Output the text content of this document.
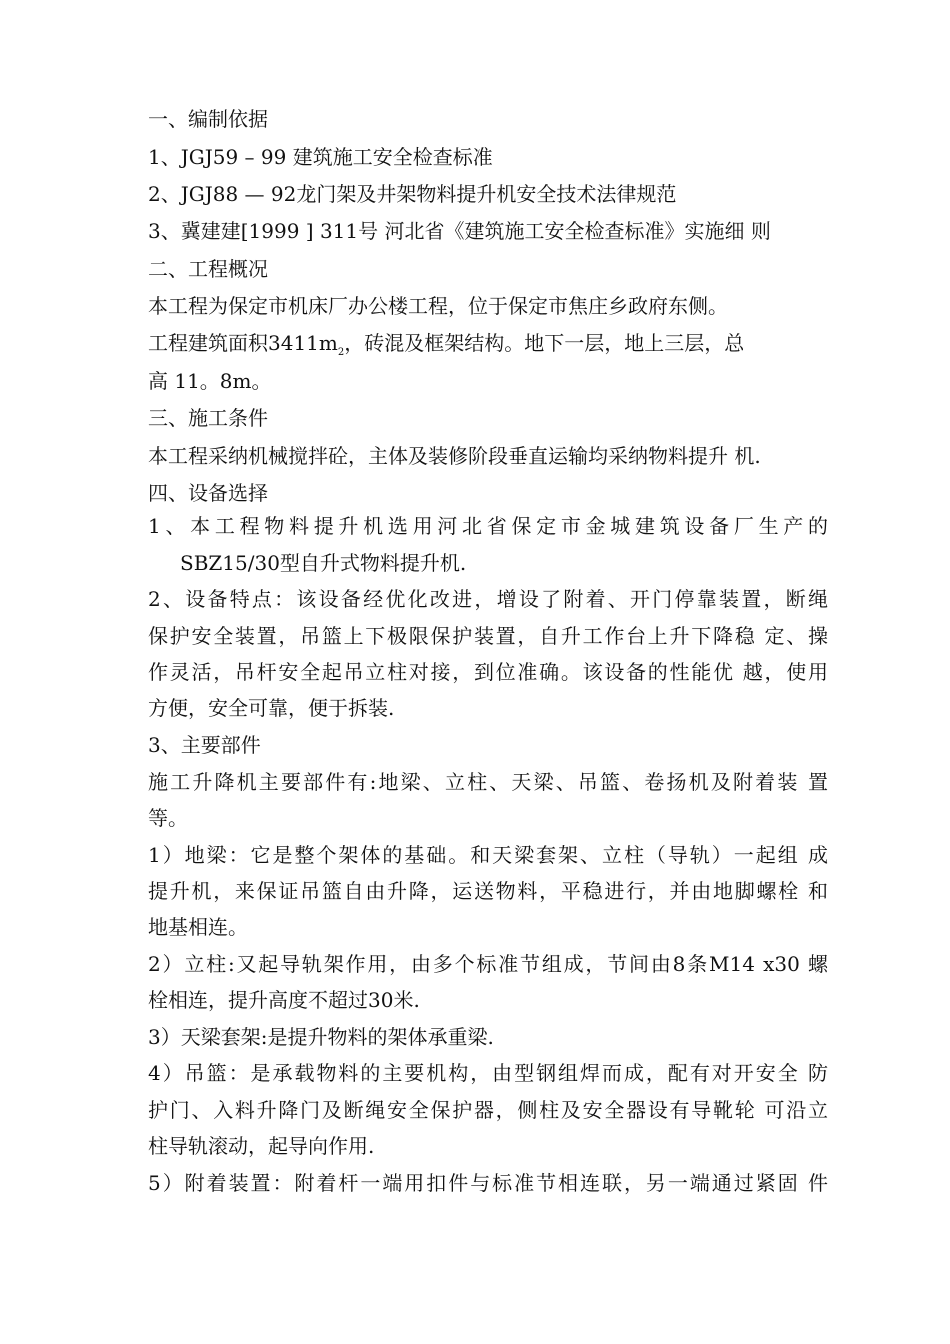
一、编制依据
1、JGJ59 – 99 建筑施工安全检查标准
2、JGJ88 — 92龙门架及井架物料提升机安全技术法律规范
3、冀建建[1999 ] 311号 河北省《建筑施工安全检查标准》实施细 则
二、工程概况
本工程为保定市机床厂办公楼工程，位于保定市焦庄乡政府东侧。
工程建筑面积$3411m_2$，砖混及框架结构。地下一层，地上三层，总
高 11。8m。
三、施工条件
本工程采纳机械搅拌砼，主体及装修阶段垂直运输均采纳物料提升 机.
四、设备选择
1、本工程物料提升机选用河北省保定市金城建筑设备厂生产的
SBZ15/30型自升式物料提升机.
2、设备特点：该设备经优化改进，增设了附着、开门停靠装置，断绳
保护安全装置，吊篮上下极限保护装置，自升工作台上升下降稳 定、操
作灵活，吊杆安全起吊立柱对接，到位准确。该设备的性能优 越，使用
方便，安全可靠，便于拆装.
3、主要部件
施工升降机主要部件有:地梁、立柱、天梁、吊篮、卷扬机及附着装 置
等。
1）地梁：它是整个架体的基础。和天梁套架、立柱（导轨）一起组 成
提升机，来保证吊篮自由升降，运送物料，平稳进行，并由地脚螺栓 和
地基相连。
2）立柱:又起导轨架作用，由多个标准节组成，节间由8条M14 x30 螺
栓相连，提升高度不超过30米.
3）天梁套架:是提升物料的架体承重梁.
4）吊篮：是承载物料的主要机构，由型钢组焊而成，配有对开安全 防
护门、入料升降门及断绳安全保护器，侧柱及安全器设有导靴轮 可沿立
柱导轨滚动，起导向作用.
5）附着装置：附着杆一端用扣件与标准节相连联，另一端通过紧固 件
